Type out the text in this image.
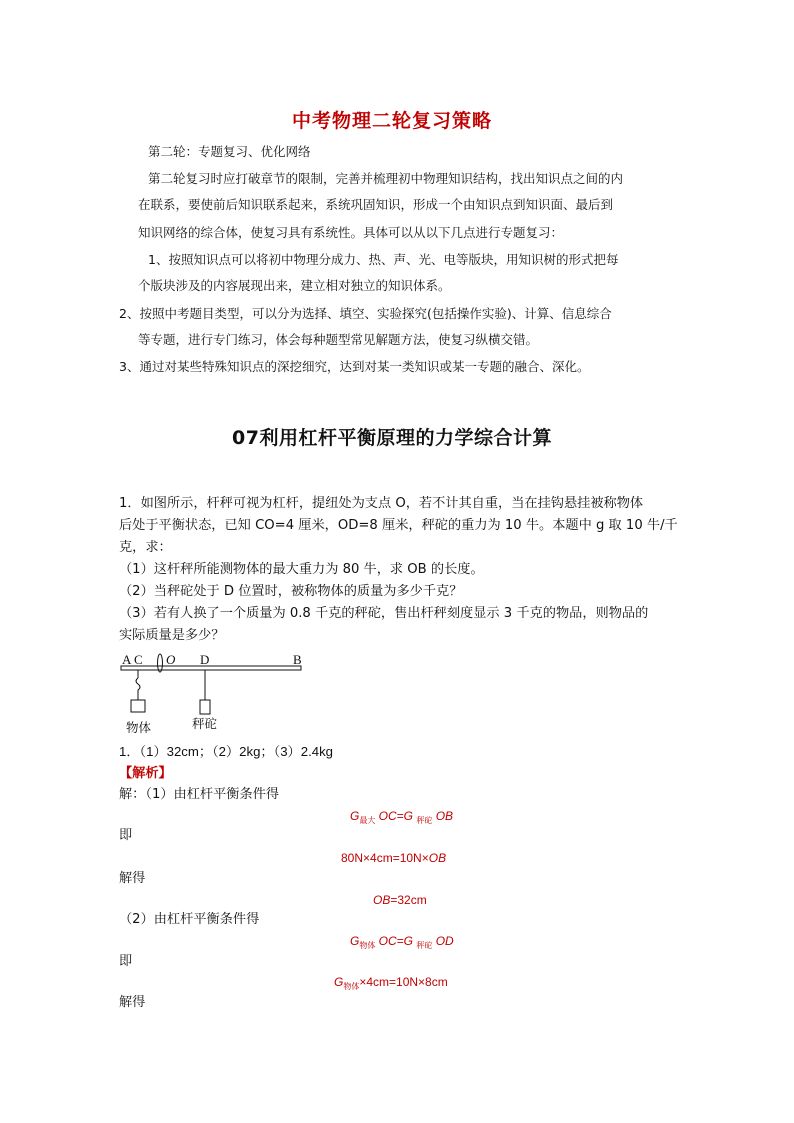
中考物理二轮复习策略
第二轮：专题复习、优化网络
第二轮复习时应打破章节的限制，完善并梳理初中物理知识结构，找出知识点之间的内
在联系，要使前后知识联系起来，系统巩固知识，形成一个由知识点到知识面、最后到
知识网络的综合体，使复习具有系统性。具体可以从以下几点进行专题复习：
1、按照知识点可以将初中物理分成力、热、声、光、电等版块，用知识树的形式把每
个版块涉及的内容展现出来，建立相对独立的知识体系。
2、按照中考题目类型，可以分为选择、填空、实验探究(包括操作实验)、计算、信息综合
等专题，进行专门练习，体会每种题型常见解题方法，使复习纵横交错。
3、通过对某些特殊知识点的深挖细究，达到对某一类知识或某一专题的融合、深化。
07利用杠杆平衡原理的力学综合计算
1．如图所示，杆秤可视为杠杆，提纽处为支点 O，若不计其自重，当在挂钩悬挂被称物体
后处于平衡状态，已知 CO=4 厘米，OD=8 厘米，秤砣的重力为 10 牛。本题中 g 取 10 牛/千
克，求：
（1）这杆秤所能测物体的最大重力为 80 牛，求 OB 的长度。
（2）当秤砣处于 D 位置时，被称物体的质量为多少千克？
（3）若有人换了一个质量为 0.8 千克的秤砣，售出杆秤刻度显示 3 千克的物品，则物品的
实际质量是多少？
A C O D	B
物体	秤砣
1．（1）32cm；（2）2kg；（3）2.4kg
【解析】
解：（1）由杠杆平衡条件得
$G_{最大}$ OC=G $_{秤砣}$ OB
即
80N×4cm=10N×OB
解得
OB=32cm
（2）由杠杆平衡条件得
$G_{物体}$ OC=G $_{秤砣}$ OD
即
$G_{物体}\times 4cm=10N\times 8cm$
解得
